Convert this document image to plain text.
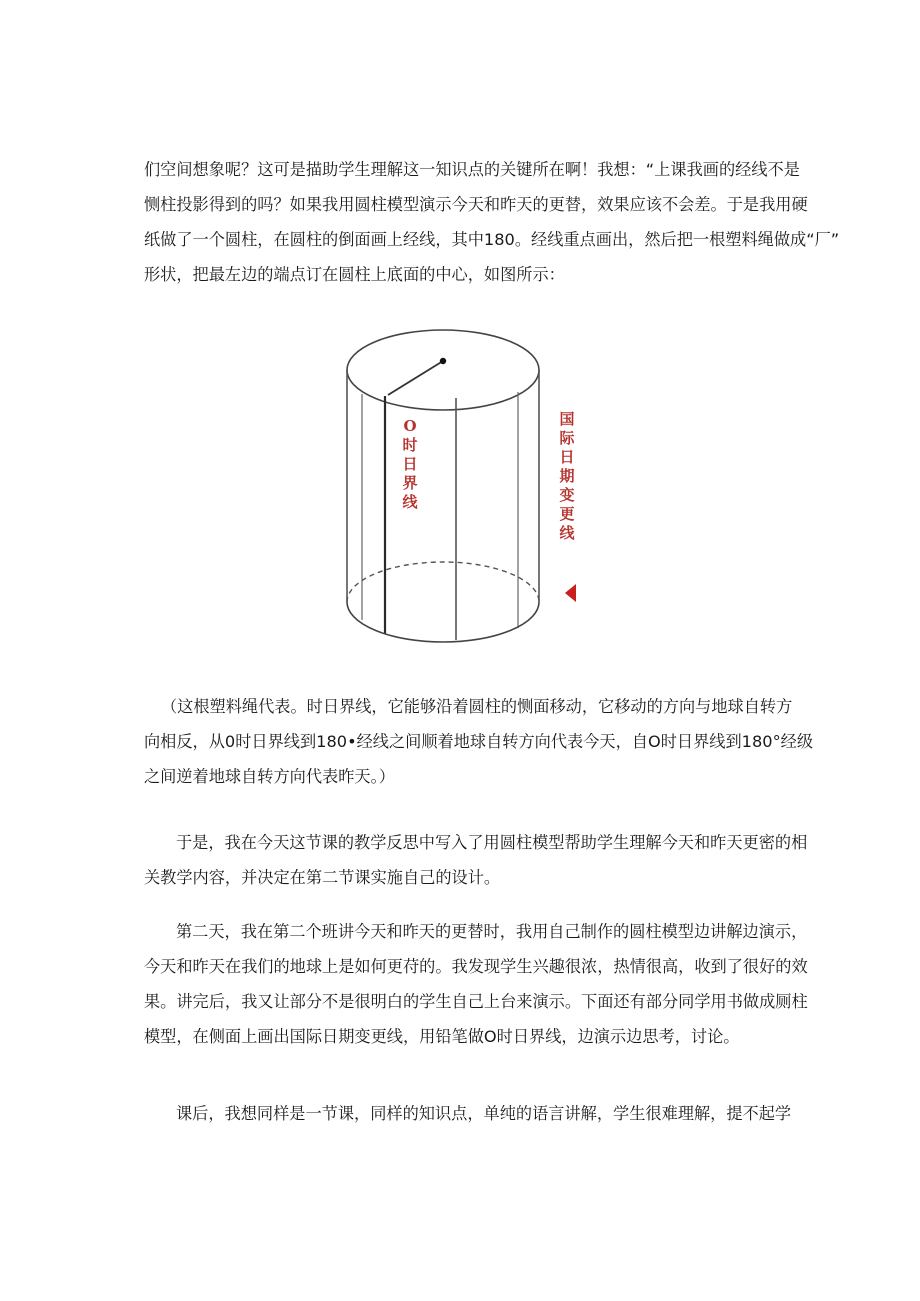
们空间想象呢？这可是描助学生理解这一知识点的关键所在啊！我想：“上课我画的经线不是
恻柱投影得到的吗？如果我用圆柱模型演示今天和昨天的更替，效果应该不会差。于是我用硬
纸做了一个圆柱，在圆柱的倒面画上经线，其中180。经线重点画出，然后把一根塑料绳做成“厂”
形状，把最左边的端点订在圆柱上底面的中心，如图所示：
O
时
日
界
线
国
际
日
期
变
更
线
（这根塑料绳代表。时日界线，它能够沿着圆柱的恻面移动，它移动的方向与地球自转方
向相反，从0时日界线到180•经线之间顺着地球自转方向代表今天，自O时日界线到180°经级
之间逆着地球自转方向代表昨天。）
于是，我在今天这节课的教学反思中写入了用圆柱模型帮助学生理解今天和昨天更密的相
关教学内容，并决定在第二节课实施自己的设计。
第二天，我在第二个班讲今天和昨天的更替时，我用自己制作的圆柱模型边讲解边演示，
今天和昨天在我们的地球上是如何更苻的。我发现学生兴趣很浓，热情很高，收到了很好的效
果。讲完后，我又让部分不是很明白的学生自己上台来演示。下面还有部分同学用书做成厕柱
模型，在侧面上画出国际日期变更线，用铅笔做O时日界线，边演示边思考，讨论。
课后，我想同样是一节课，同样的知识点，单纯的语言讲解，学生很难理解，提不起学
